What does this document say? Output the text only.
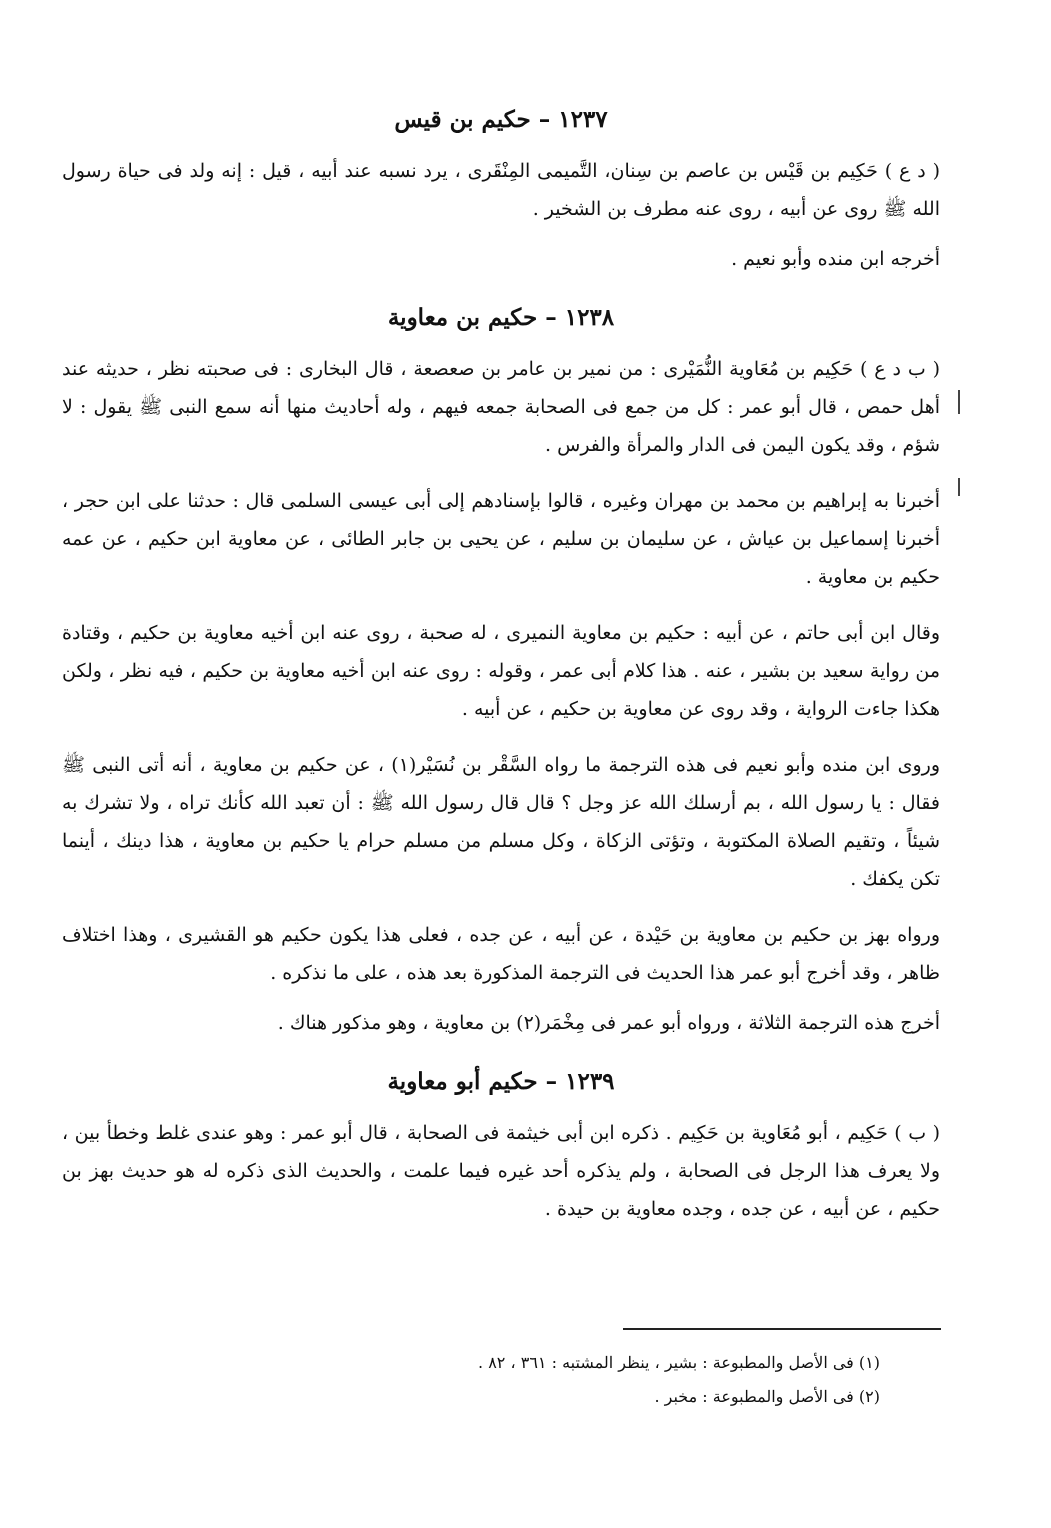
١٢٣٧ – حكيم بن قيس

( د ع ) حَكِيم بن قَيْس بن عاصم بن سِنان، التَّميمى المِنْقَرى ، يرد نسبه عند أبيه ، قيل : إنه ولد فى حياة رسول الله ﷺ روى عن أبيه ، روى عنه مطرف بن الشخير .

أخرجه ابن منده وأبو نعيم .

١٢٣٨ – حكيم بن معاوية

( ب د ع ) حَكِيم بن مُعَاوية النُّمَيْرى : من نمير بن عامر بن صعصعة ، قال البخارى : فى صحبته نظر ، حديثه عند أهل حمص ، قال أبو عمر : كل من جمع فى الصحابة جمعه فيهم ، وله أحاديث منها أنه سمع النبى ﷺ يقول : لا شؤم ، وقد يكون اليمن فى الدار والمرأة والفرس .

أخبرنا به إبراهيم بن محمد بن مهران وغيره ، قالوا بإسنادهم إلى أبى عيسى السلمى قال : حدثنا على ابن حجر ، أخبرنا إسماعيل بن عياش ، عن سليمان بن سليم ، عن يحيى بن جابر الطائى ، عن معاوية ابن حكيم ، عن عمه حكيم بن معاوية .

وقال ابن أبى حاتم ، عن أبيه : حكيم بن معاوية النميرى ، له صحبة ، روى عنه ابن أخيه معاوية بن حكيم ، وقتادة من رواية سعيد بن بشير ، عنه . هذا كلام أبى عمر ، وقوله : روى عنه ابن أخيه معاوية بن حكيم ، فيه نظر ، ولكن هكذا جاءت الرواية ، وقد روى عن معاوية بن حكيم ، عن أبيه .

وروى ابن منده وأبو نعيم فى هذه الترجمة ما رواه السَّقْر بن نُسَيْر(١) ، عن حكيم بن معاوية ، أنه أتى النبى ﷺ فقال : يا رسول الله ، بم أرسلك الله عز وجل ؟ قال قال رسول الله ﷺ : أن تعبد الله كأنك تراه ، ولا تشرك به شيئاً ، وتقيم الصلاة المكتوبة ، وتؤتى الزكاة ، وكل مسلم من مسلم حرام يا حكيم بن معاوية ، هذا دينك ، أينما تكن يكفك .

ورواه بهز بن حكيم بن معاوية بن حَيْدة ، عن أبيه ، عن جده ، فعلى هذا يكون حكيم هو القشيرى ، وهذا اختلاف ظاهر ، وقد أخرج أبو عمر هذا الحديث فى الترجمة المذكورة بعد هذه ، على ما نذكره .

أخرج هذه الترجمة الثلاثة ، ورواه أبو عمر فى مِخْمَر(٢) بن معاوية ، وهو مذكور هناك .

١٢٣٩ – حكيم أبو معاوية

( ب ) حَكِيم ، أبو مُعَاوية بن حَكِيم . ذكره ابن أبى خيثمة فى الصحابة ، قال أبو عمر : وهو عندى غلط وخطأ بين ، ولا يعرف هذا الرجل فى الصحابة ، ولم يذكره أحد غيره فيما علمت ، والحديث الذى ذكره له هو حديث بهز بن حكيم ، عن أبيه ، عن جده ، وجده معاوية بن حيدة .

(١) فى الأصل والمطبوعة : بشير ، ينظر المشتبه : ٣٦١ ، ٨٢ .

(٢) فى الأصل والمطبوعة : مخبر .
